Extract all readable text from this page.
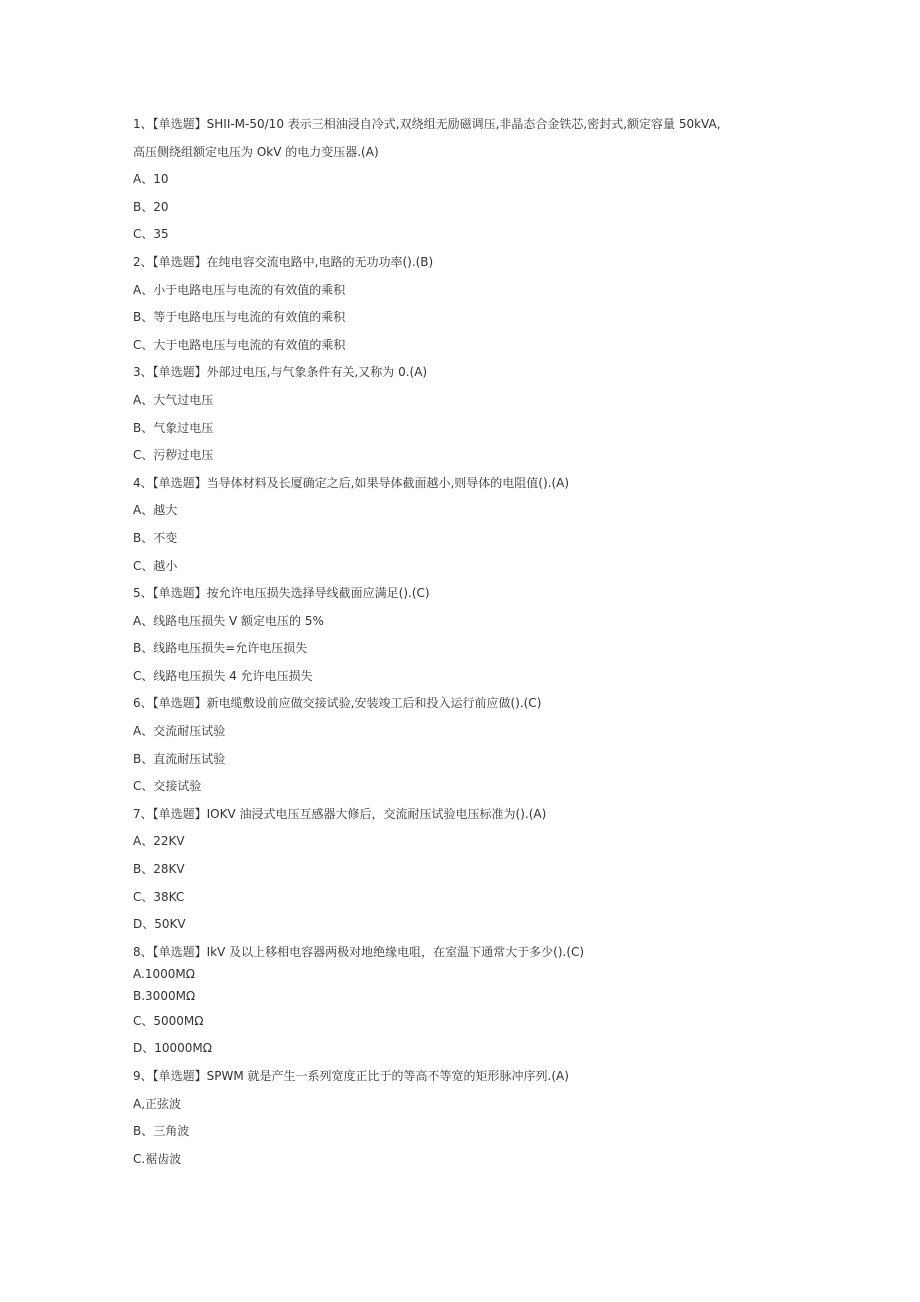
1、【单选题】SHII-M-50/10 表示三相油浸自冷式,双绕组无励磁调压,非晶态合金铁芯,密封式,额定容量 50kVA,
高压侧绕组额定电压为 OkV 的电力变压器.(A)
A、10
B、20
C、35
2、【单选题】在纯电容交流电路中,电路的无功功率().(B)
A、小于电路电压与电流的有效值的乘积
B、等于电路电压与电流的有效值的乘积
C、大于电路电压与电流的有效值的乘积
3、【单选题】外部过电压,与气象条件有关,又称为 0.(A)
A、大气过电压
B、气象过电压
C、污秽过电压
4、【单选题】当导体材料及长厦确定之后,如果导体截面越小,则导体的电阻值().(A)
A、越大
B、不变
C、越小
5、【单选题】按允许电压损失选择导线截面应满足().(C)
A、线路电压损失 V 额定电压的 5%
B、线路电压损失=允许电压损失
C、线路电压损失 4 允许电压损失
6、【单选题】新电缆敷设前应做交接试验,安装竣工后和投入运行前应做().(C)
A、交流耐压试验
B、直流耐压试验
C、交接试验
7、【单选题】IOKV 油浸式电压互感器大修后，交流耐压试验电压标准为().(A)
A、22KV
B、28KV
C、38KC
D、50KV
8、【单选题】IkV 及以上移相电容器两极对地绝缘电咀，在室温下通常大于多少().(C)
A.1000MΩ
B.3000MΩ
C、5000MΩ
D、10000MΩ
9、【单选题】SPWM 就是产生一系列宽度正比于的等高不等宽的矩形脉冲序列.(A)
A,正弦波
B、三角波
C.裾齿波
